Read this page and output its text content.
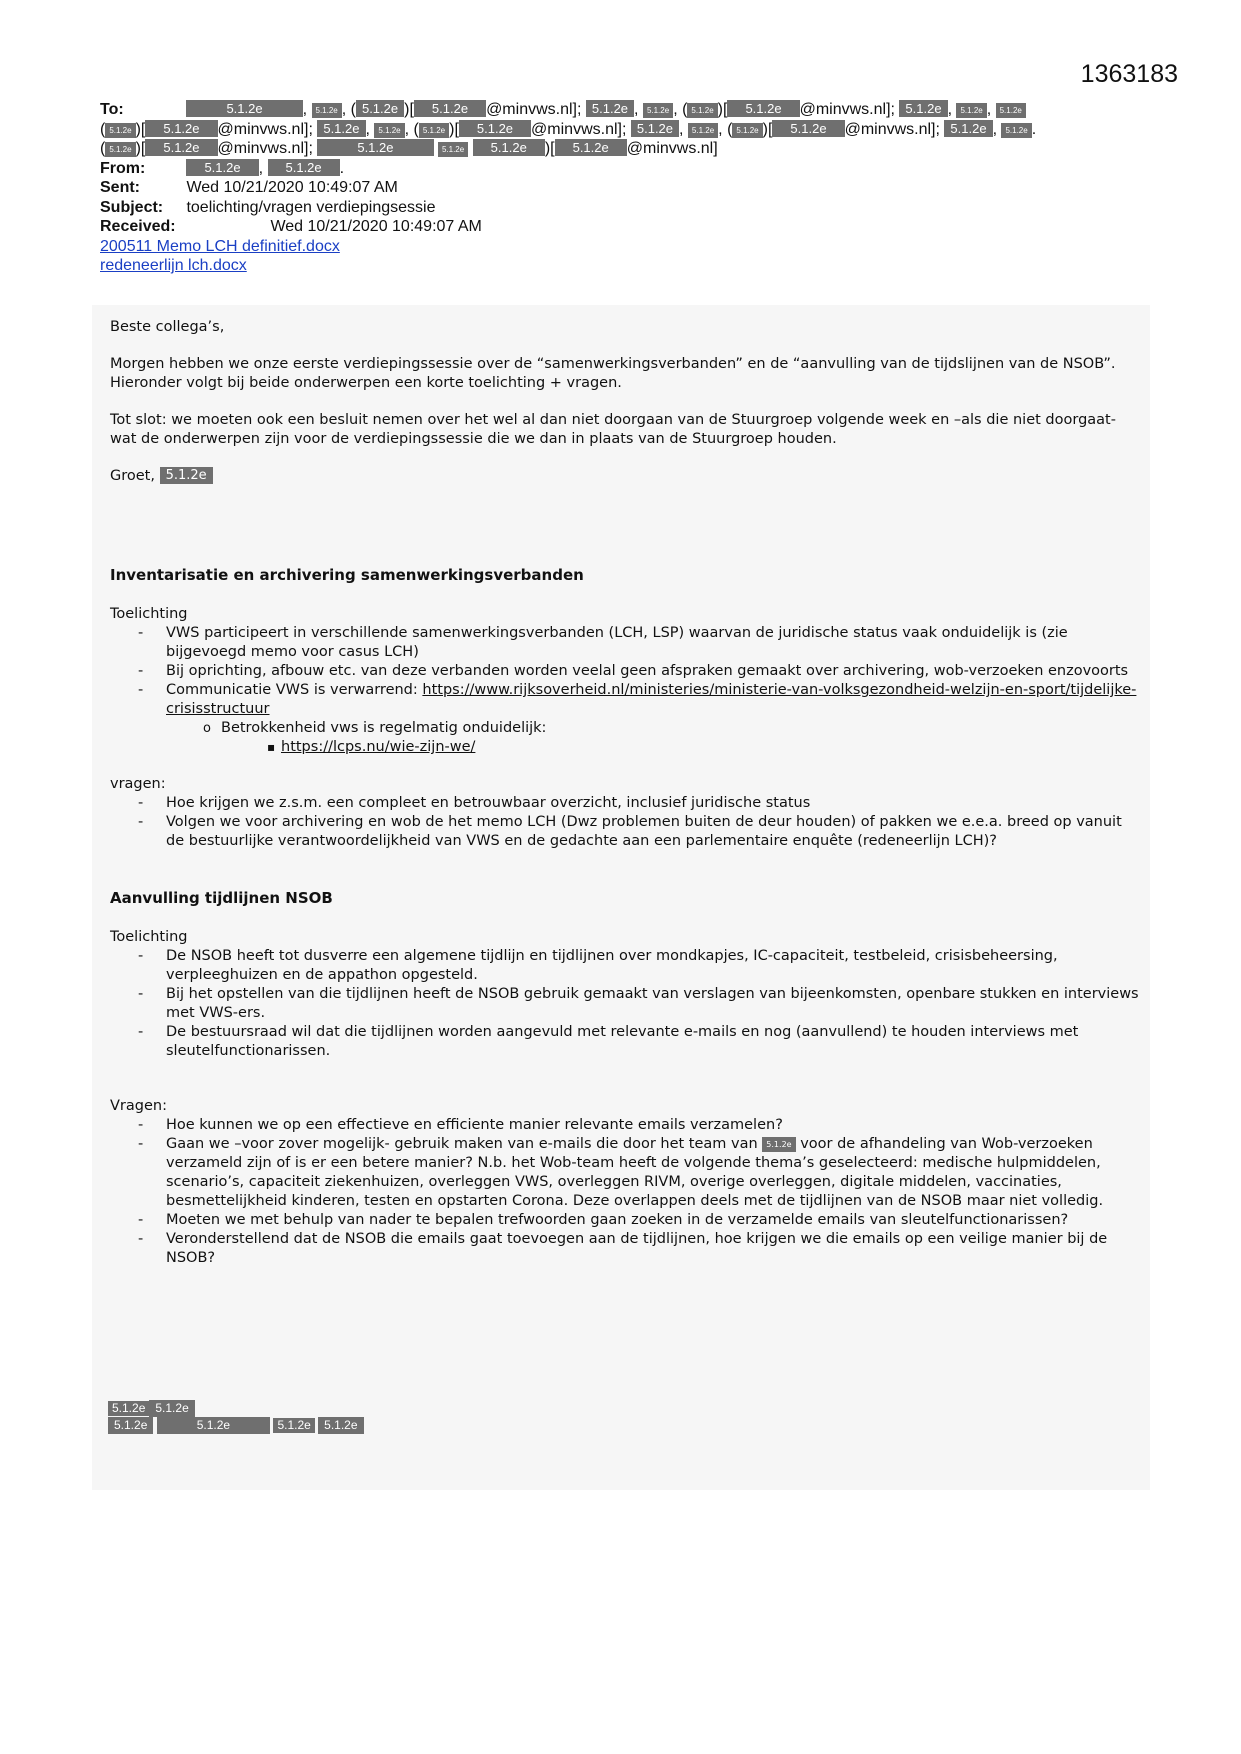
1363183
To:	5.1.2e	, 5.1.2e , ( 5.1.2e )[ 5.1.2e @minvws.nl]; 5.1.2e , 5.1.2e , ( 5.1.2e )[ 5.1.2e @minvws.nl]; 5.1.2e , 5.1.2e , 5.1.2e
( 5.1.2e )[ 5.1.2e @minvws.nl]; 5.1.2e , 5.1.2e , ( 5.1.2e )[ 5.1.2e @minvws.nl]; 5.1.2e , 5.1.2e , ( 5.1.2e )[ 5.1.2e @minvws.nl]; 5.1.2e , 5.1.2e .
( 5.1.2e )[ 5.1.2e @minvws.nl];	5.1.2e	5.1.2e 5.1.2e )[ 5.1.2e @minvws.nl]
From:	5.1.2e , 5.1.2e .
Sent:	Wed 10/21/2020 10:49:07 AM
Subject: toelichting/vragen verdiepingsessie
Received:	Wed 10/21/2020 10:49:07 AM
200511 Memo LCH definitief.docx
redeneerlijn lch.docx

Beste collega’s,

Morgen hebben we onze eerste verdiepingssessie over de “samenwerkingsverbanden” en de “aanvulling van de tijdslijnen van de NSOB”. Hieronder volgt bij beide onderwerpen een korte toelichting + vragen.

Tot slot: we moeten ook een besluit nemen over het wel al dan niet doorgaan van de Stuurgroep volgende week en –als die niet doorgaat- wat de onderwerpen zijn voor de verdiepingssessie die we dan in plaats van de Stuurgroep houden.

Groet, 5.1.2e

Inventarisatie en archivering samenwerkingsverbanden
Toelichting
- VWS participeert in verschillende samenwerkingsverbanden (LCH, LSP) waarvan de juridische status vaak onduidelijk is (zie bijgevoegd memo voor casus LCH)
- Bij oprichting, afbouw etc. van deze verbanden worden veelal geen afspraken gemaakt over archivering, wob-verzoeken enzovoorts
- Communicatie VWS is verwarrend: https://www.rijksoverheid.nl/ministeries/ministerie-van-volksgezondheid-welzijn-en-sport/tijdelijke-crisisstructuur
o Betrokkenheid vws is regelmatig onduidelijk:
▪ https://lcps.nu/wie-zijn-we/
vragen:
- Hoe krijgen we z.s.m. een compleet en betrouwbaar overzicht, inclusief juridische status
- Volgen we voor archivering en wob de het memo LCH (Dwz problemen buiten de deur houden) of pakken we e.e.a. breed op vanuit de bestuurlijke verantwoordelijkheid van VWS en de gedachte aan een parlementaire enquête (redeneerlijn LCH)?
Aanvulling tijdlijnen NSOB
Toelichting
- De NSOB heeft tot dusverre een algemene tijdlijn en tijdlijnen over mondkapjes, IC-capaciteit, testbeleid, crisisbeheersing, verpleeghuizen en de appathon opgesteld.
- Bij het opstellen van die tijdlijnen heeft de NSOB gebruik gemaakt van verslagen van bijeenkomsten, openbare stukken en interviews met VWS-ers.
- De bestuursraad wil dat die tijdlijnen worden aangevuld met relevante e-mails en nog (aanvullend) te houden interviews met sleutelfunctionarissen.
Vragen:
- Hoe kunnen we op een effectieve en efficiente manier relevante emails verzamelen?
- Gaan we –voor zover mogelijk- gebruik maken van e-mails die door het team van 5.1.2e voor de afhandeling van Wob-verzoeken verzameld zijn of is er een betere manier? N.b. het Wob-team heeft de volgende thema’s geselecteerd: medische hulpmiddelen, scenario’s, capaciteit ziekenhuizen, overleggen VWS, overleggen RIVM, overige overleggen, digitale middelen, vaccinaties, besmettelijkheid kinderen, testen en opstarten Corona. Deze overlappen deels met de tijdlijnen van de NSOB maar niet volledig.
- Moeten we met behulp van nader te bepalen trefwoorden gaan zoeken in de verzamelde emails van sleutelfunctionarissen?
- Veronderstellend dat de NSOB die emails gaat toevoegen aan de tijdlijnen, hoe krijgen we die emails op een veilige manier bij de NSOB?
5.1.2e 5.1.2e
5.1.2e	5.1.2e	5.1.2e 5.1.2e
